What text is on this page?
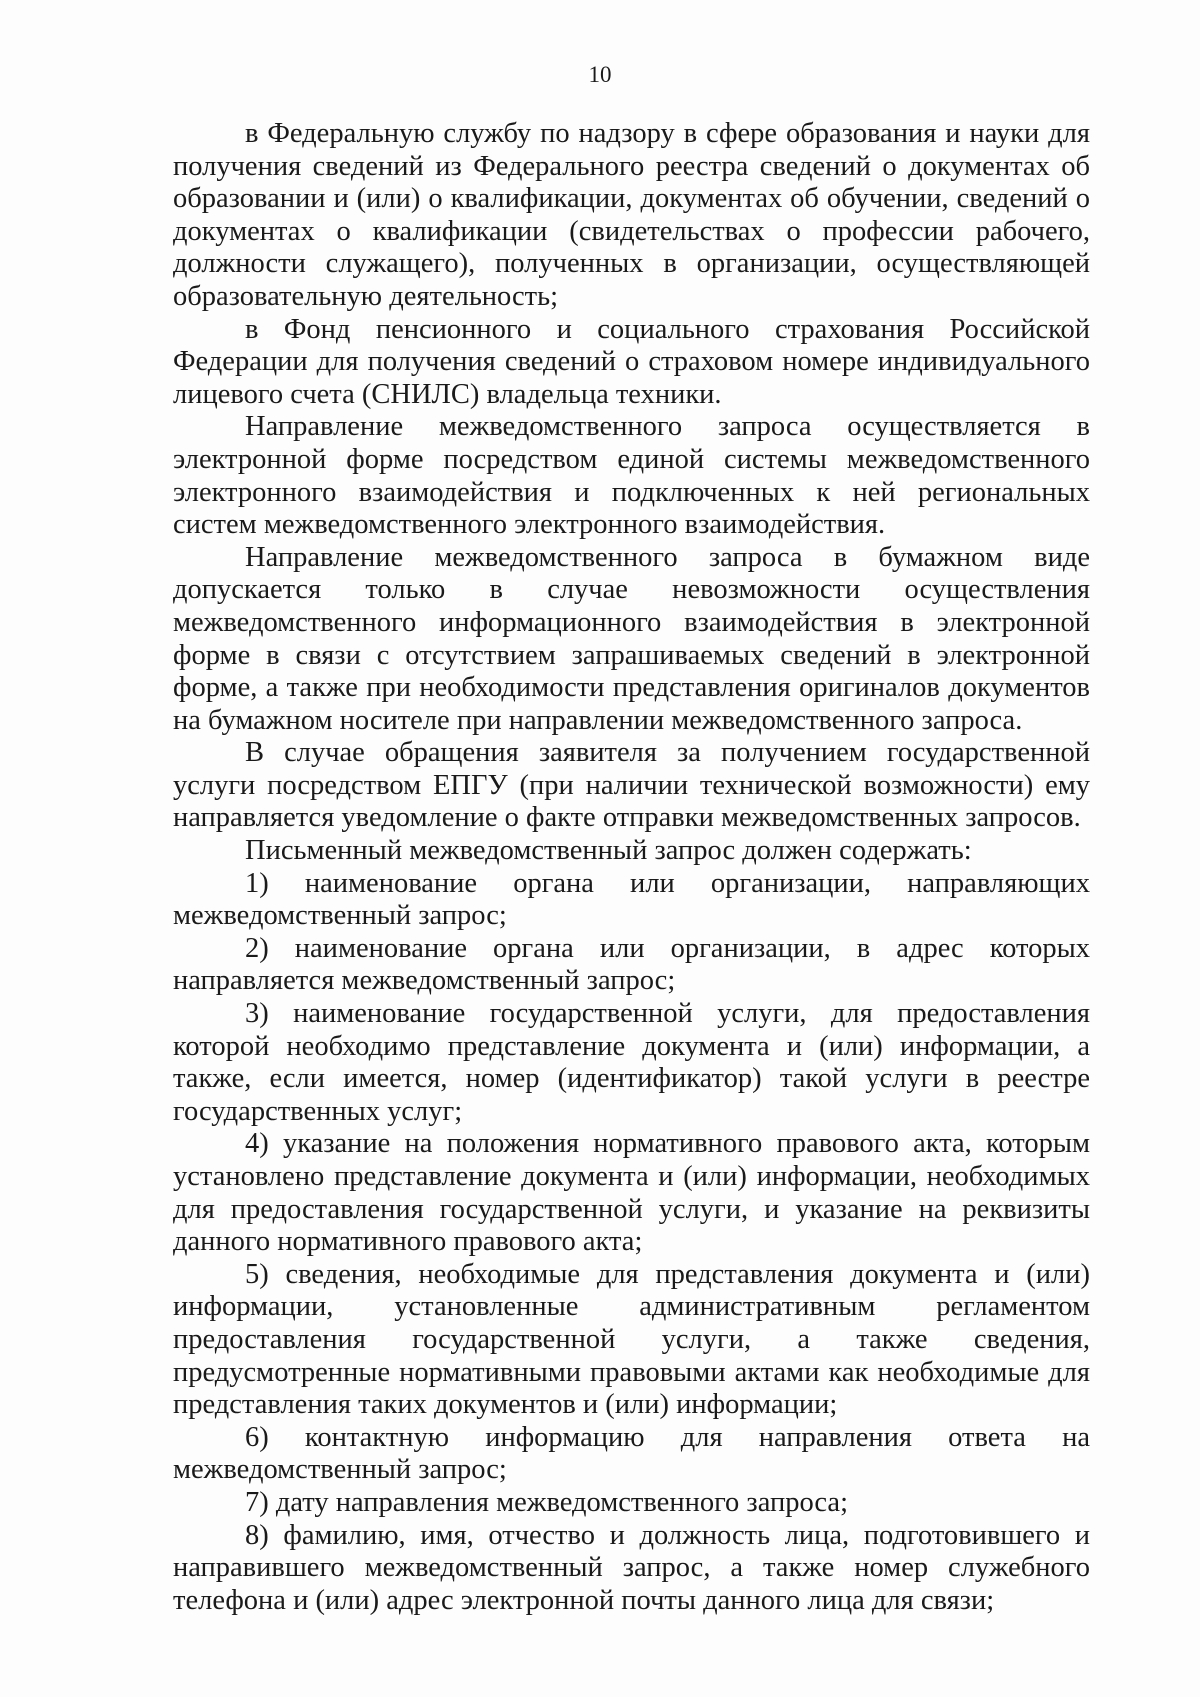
10

в Федеральную службу по надзору в сфере образования и науки для получения сведений из Федерального реестра сведений о документах об образовании и (или) о квалификации, документах об обучении, сведений о документах о квалификации (свидетельствах о профессии рабочего, должности служащего), полученных в организации, осуществляющей образовательную деятельность;

в Фонд пенсионного и социального страхования Российской Федерации для получения сведений о страховом номере индивидуального лицевого счета (СНИЛС) владельца техники.

Направление межведомственного запроса осуществляется в электронной форме посредством единой системы межведомственного электронного взаимодействия и подключенных к ней региональных систем межведомственного электронного взаимодействия.

Направление межведомственного запроса в бумажном виде допускается только в случае невозможности осуществления межведомственного информационного взаимодействия в электронной форме в связи с отсутствием запрашиваемых сведений в электронной форме, а также при необходимости представления оригиналов документов на бумажном носителе при направлении межведомственного запроса.

В случае обращения заявителя за получением государственной услуги посредством ЕПГУ (при наличии технической возможности) ему направляется уведомление о факте отправки межведомственных запросов.

Письменный межведомственный запрос должен содержать:

1) наименование органа или организации, направляющих межведомственный запрос;

2) наименование органа или организации, в адрес которых направляется межведомственный запрос;

3) наименование государственной услуги, для предоставления которой необходимо представление документа и (или) информации, а также, если имеется, номер (идентификатор) такой услуги в реестре государственных услуг;

4) указание на положения нормативного правового акта, которым установлено представление документа и (или) информации, необходимых для предоставления государственной услуги, и указание на реквизиты данного нормативного правового акта;

5) сведения, необходимые для представления документа и (или) информации, установленные административным регламентом предоставления государственной услуги, а также сведения, предусмотренные нормативными правовыми актами как необходимые для представления таких документов и (или) информации;

6) контактную информацию для направления ответа на межведомственный запрос;

7) дату направления межведомственного запроса;

8) фамилию, имя, отчество и должность лица, подготовившего и направившего межведомственный запрос, а также номер служебного телефона и (или) адрес электронной почты данного лица для связи;
